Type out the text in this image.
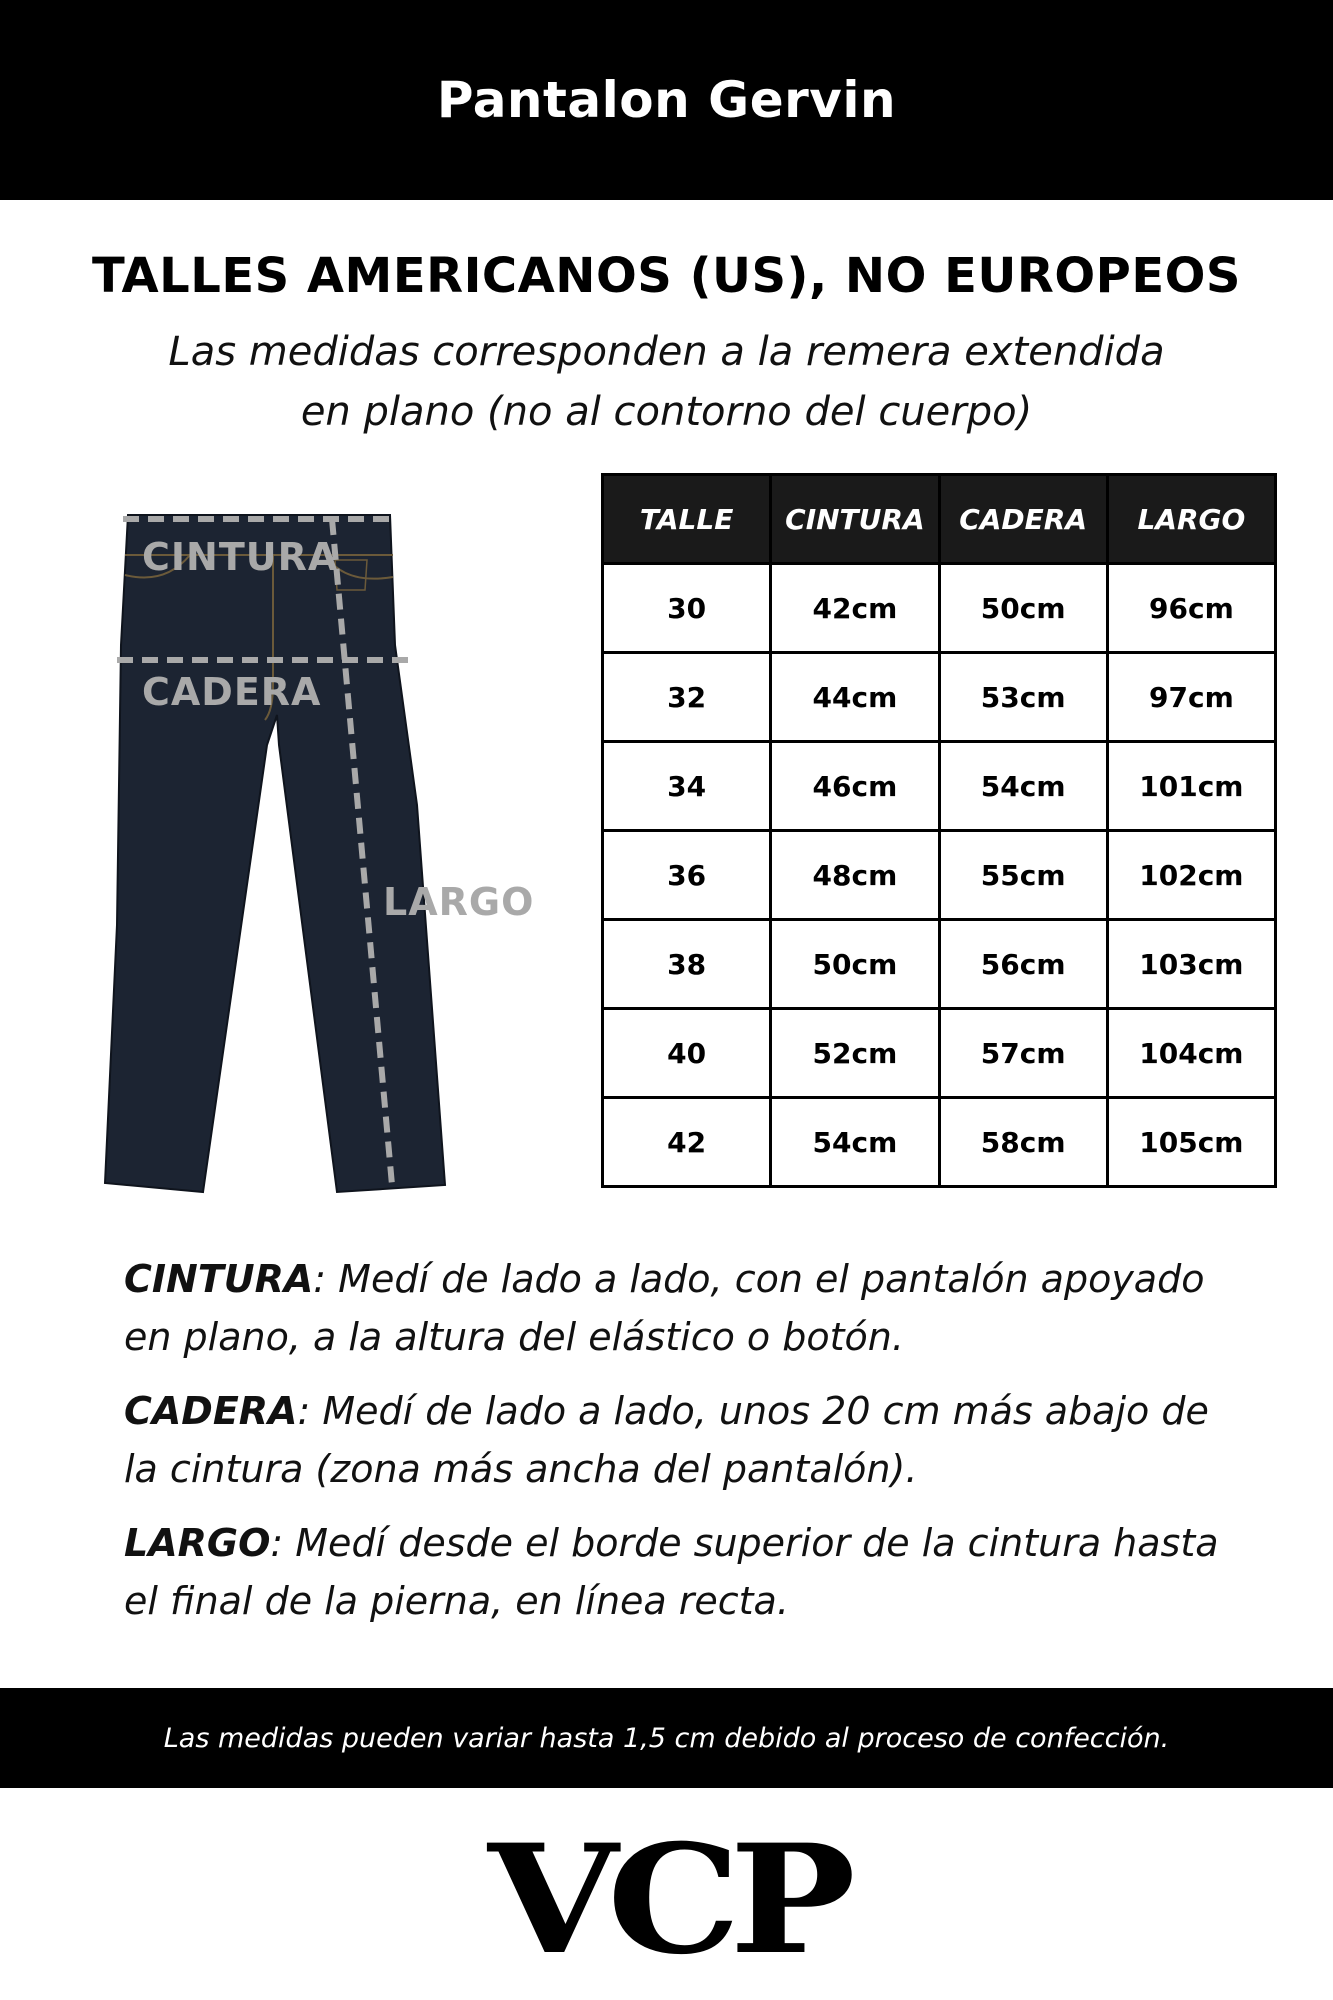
Pantalon Gervin
TALLES AMERICANOS (US), NO EUROPEOS
Las medidas corresponden a la remera extendida
en plano (no al contorno del cuerpo)
CINTURA
CADERA
LARGO
TALLE	CINTURA	CADERA	LARGO
30	42cm	50cm	96cm
32	44cm	53cm	97cm
34	46cm	54cm	101cm
36	48cm	55cm	102cm
38	50cm	56cm	103cm
40	52cm	57cm	104cm
42	54cm	58cm	105cm

CINTURA: Medí de lado a lado, con el pantalón apoyado en plano, a la altura del elástico o botón.

CADERA: Medí de lado a lado, unos 20 cm más abajo de la cintura (zona más ancha del pantalón).

LARGO: Medí desde el borde superior de la cintura hasta el final de la pierna, en línea recta.

Las medidas pueden variar hasta 1,5 cm debido al proceso de confección.
VCP
